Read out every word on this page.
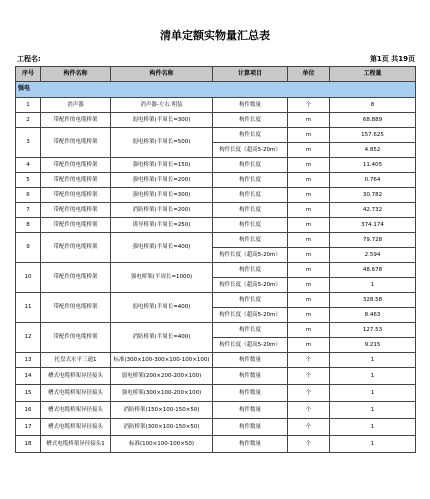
清单定额实物量汇总表
工程名:	第1页 共19页
序号	构件名称	构件名称	计算项目	单位	工程量
强电					
1	消声器	消声器-左右.明装	构件数量	个	8
2	带配件的电缆桥架	弱电桥架(半周长=300)	构件长度	m	68.889
3	带配件的电缆桥架	弱电桥架(半周长=500)	构件长度	m	157.625
			构件长度（超高5-20m）	m	4.852
4	带配件的电缆桥架	强电桥架(半周长=150)	构件长度	m	11.405
5	带配件的电缆桥架	强电桥架(半周长=200)	构件长度	m	0.764
6	带配件的电缆桥架	强电桥架(半周长=300)	构件长度	m	30.782
7	带配件的电缆桥架	消防桥架(半周长=200)	构件长度	m	42.732
8	带配件的电缆桥架	诱导桥架(半周长=250)	构件长度	m	374.174
9	带配件的电缆桥架	强电桥架(半周长=400)	构件长度	m	79.728
			构件长度（超高5-20m）	m	2.594
10	带配件的电缆桥架	强电桥架(半周长=1000)	构件长度	m	48.678
			构件长度（超高5-20m）	m	1
11	带配件的电缆桥架	弱电桥架(半周长=400)	构件长度	m	328.58
			构件长度（超高5-20m）	m	8.463
12	带配件的电缆桥架	消防桥架(半周长=400)	构件长度	m	127.53
			构件长度（超高5-20m）	m	9.215
13	托盘式水平三通1	标准(300×100-300×100-100×100)	构件数量	个	1
14	槽式电缆桥架异径接头	弱电桥架(200×200-200×100)	构件数量	个	1
15	槽式电缆桥架异径接头	强电桥架(300×100-200×100)	构件数量	个	1
16	槽式电缆桥架异径接头	消防桥架(150×100-150×50)	构件数量	个	1
17	槽式电缆桥架异径接头	消防桥架(300×100-150×50)	构件数量	个	1
18	槽式电缆桥架异径接头1	标准(100×100-100×50)	构件数量	个	1
